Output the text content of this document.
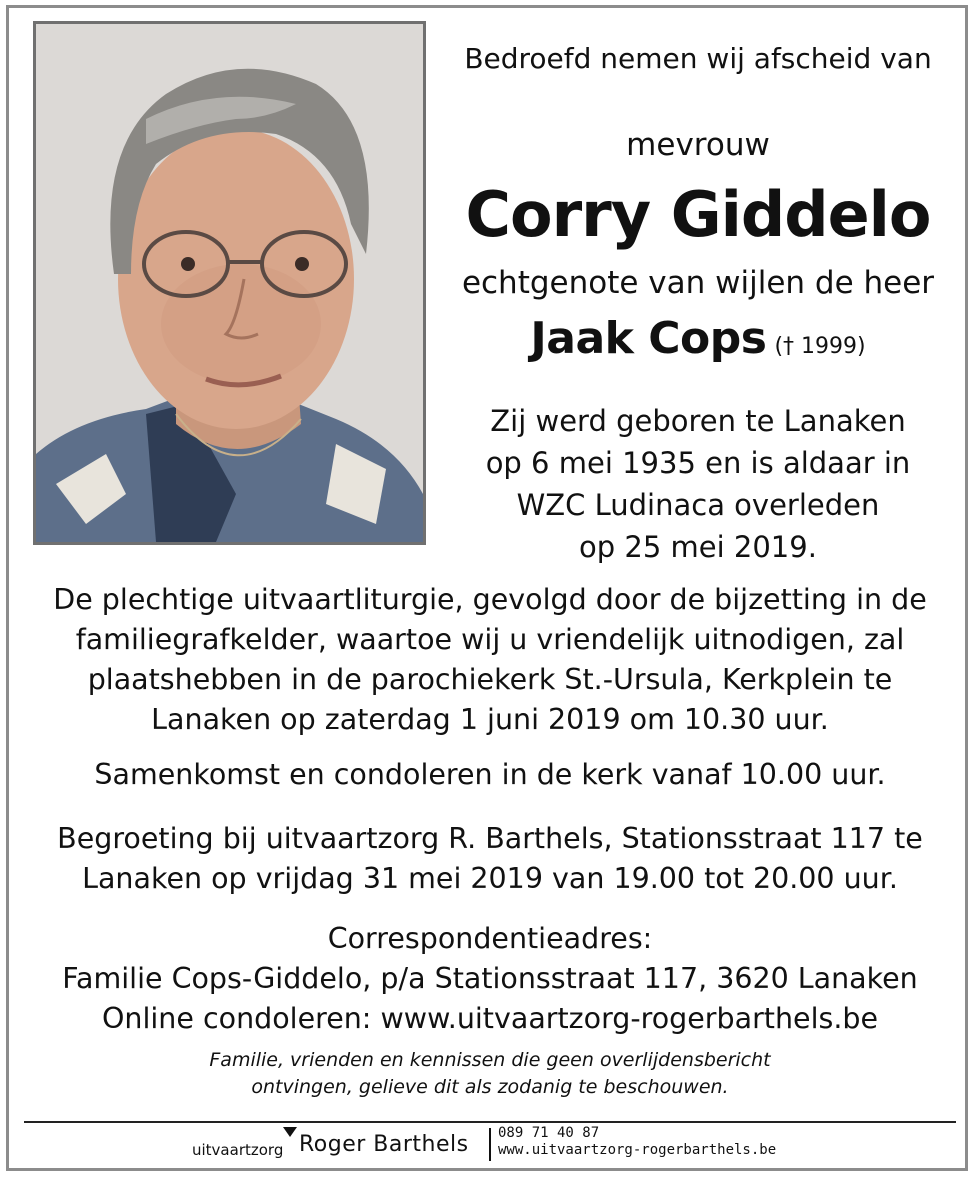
Bedroefd nemen wij afscheid van
mevrouw
Corry Giddelo
echtgenote van wijlen de heer
Jaak Cops († 1999)
Zij werd geboren te Lanaken
op 6 mei 1935 en is aldaar in
WZC Ludinaca overleden
op 25 mei 2019.
De plechtige uitvaartliturgie, gevolgd door de bijzetting in de
familiegrafkelder, waartoe wij u vriendelijk uitnodigen, zal
plaatshebben in de parochiekerk St.-Ursula, Kerkplein te
Lanaken op zaterdag 1 juni 2019 om 10.30 uur.
Samenkomst en condoleren in de kerk vanaf 10.00 uur.
Begroeting bij uitvaartzorg R. Barthels, Stationsstraat 117 te
Lanaken op vrijdag 31 mei 2019 van 19.00 tot 20.00 uur.
Correspondentieadres:
Familie Cops-Giddelo, p/a Stationsstraat 117, 3620 Lanaken
Online condoleren: www.uitvaartzorg-rogerbarthels.be
Familie, vrienden en kennissen die geen overlijdensbericht
ontvingen, gelieve dit als zodanig te beschouwen.
uitvaartzorg Roger Barthels 089 71 40 87
www.uitvaartzorg-rogerbarthels.be
